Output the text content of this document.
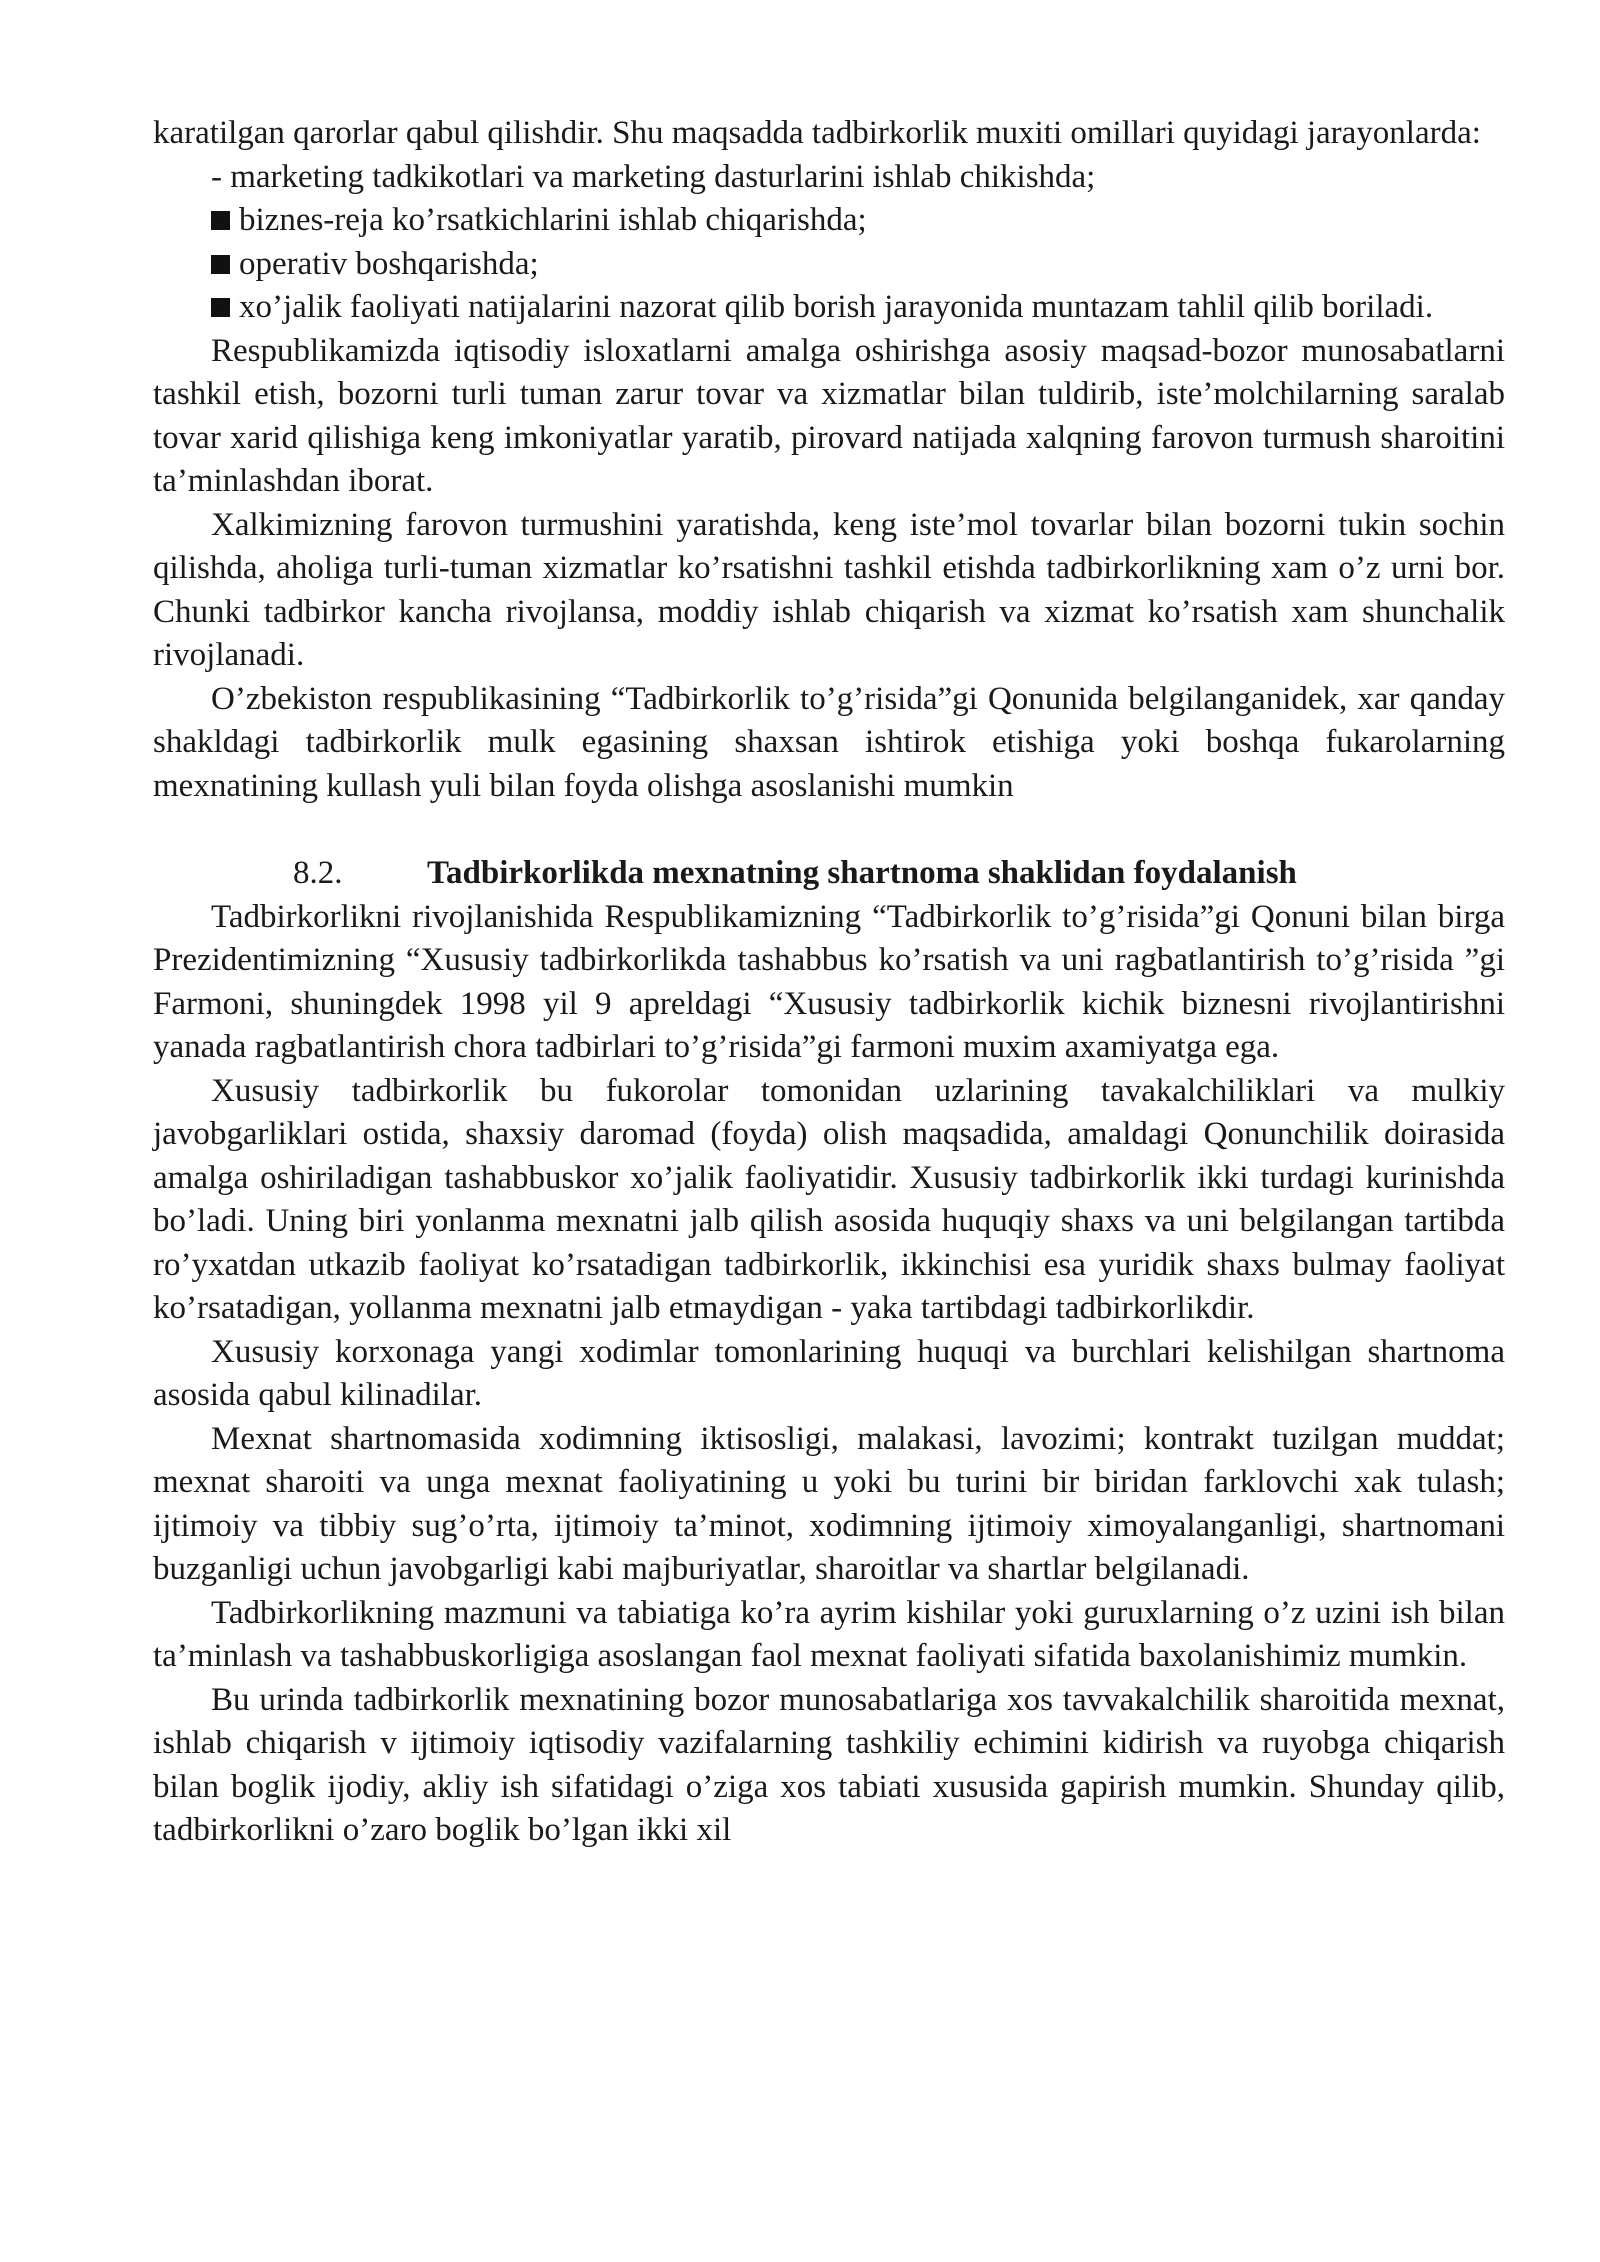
karatilgan qarorlar qabul qilishdir. Shu maqsadda tadbirkorlik muxiti omillari quyidagi jarayonlarda:

- marketing tadkikotlari va marketing dasturlarini ishlab chikishda;

biznes-reja ko’rsatkichlarini ishlab chiqarishda;

operativ boshqarishda;

xo’jalik faoliyati natijalarini nazorat qilib borish jarayonida muntazam tahlil qilib boriladi.

Respublikamizda iqtisodiy isloxatlarni amalga oshirishga asosiy maqsad-bozor munosabatlarni tashkil etish, bozorni turli tuman zarur tovar va xizmatlar bilan tuldirib, iste’molchilarning saralab tovar xarid qilishiga keng imkoniyatlar yaratib, pirovard natijada xalqning farovon turmush sharoitini ta’minlashdan iborat.

Xalkimizning farovon turmushini yaratishda, keng iste’mol tovarlar bilan bozorni tukin sochin qilishda, aholiga turli-tuman xizmatlar ko’rsatishni tashkil etishda tadbirkorlikning xam o’z urni bor. Chunki tadbirkor kancha rivojlansa, moddiy ishlab chiqarish va xizmat ko’rsatish xam shunchalik rivojlanadi.

O’zbekiston respublikasining “Tadbirkorlik to’g’risida”gi Qonunida belgilanganidek, xar qanday shakldagi tadbirkorlik mulk egasining shaxsan ishtirok etishiga yoki boshqa fukarolarning mexnatining kullash yuli bilan foyda olishga asoslanishi mumkin

8.2.	Tadbirkorlikda mexnatning shartnoma shaklidan foydalanish

Tadbirkorlikni rivojlanishida Respublikamizning “Tadbirkorlik to’g’risida”gi Qonuni bilan birga Prezidentimizning “Xususiy tadbirkorlikda tashabbus ko’rsatish va uni ragbatlantirish to’g’risida ”gi Farmoni, shuningdek 1998 yil 9 apreldagi “Xususiy tadbirkorlik kichik biznesni rivojlantirishni yanada ragbatlantirish chora tadbirlari to’g’risida”gi farmoni muxim axamiyatga ega.

Xususiy tadbirkorlik bu fukorolar tomonidan uzlarining tavakalchiliklari va mulkiy javobgarliklari ostida, shaxsiy daromad (foyda) olish maqsadida, amaldagi Qonunchilik doirasida amalga oshiriladigan tashabbuskor xo’jalik faoliyatidir. Xususiy tadbirkorlik ikki turdagi kurinishda bo’ladi. Uning biri yonlanma mexnatni jalb qilish asosida huquqiy shaxs va uni belgilangan tartibda ro’yxatdan utkazib faoliyat ko’rsatadigan tadbirkorlik, ikkinchisi esa yuridik shaxs bulmay faoliyat ko’rsatadigan, yollanma mexnatni jalb etmaydigan - yaka tartibdagi tadbirkorlikdir.

Xususiy korxonaga yangi xodimlar tomonlarining huquqi va burchlari kelishilgan shartnoma asosida qabul kilinadilar.

Mexnat shartnomasida xodimning iktisosligi, malakasi, lavozimi; kontrakt tuzilgan muddat; mexnat sharoiti va unga mexnat faoliyatining u yoki bu turini bir biridan farklovchi xak tulash; ijtimoiy va tibbiy sug’o’rta, ijtimoiy ta’minot, xodimning ijtimoiy ximoyalanganligi, shartnomani buzganligi uchun javobgarligi kabi majburiyatlar, sharoitlar va shartlar belgilanadi.

Tadbirkorlikning mazmuni va tabiatiga ko’ra ayrim kishilar yoki guruxlarning o’z uzini ish bilan ta’minlash va tashabbuskorligiga asoslangan faol mexnat faoliyati sifatida baxolanishimiz mumkin.

Bu urinda tadbirkorlik mexnatining bozor munosabatlariga xos tavvakalchilik sharoitida mexnat, ishlab chiqarish v ijtimoiy iqtisodiy vazifalarning tashkiliy echimini kidirish va ruyobga chiqarish bilan boglik ijodiy, akliy ish sifatidagi o’ziga xos tabiati xususida gapirish mumkin. Shunday qilib, tadbirkorlikni o’zaro boglik bo’lgan ikki xil
